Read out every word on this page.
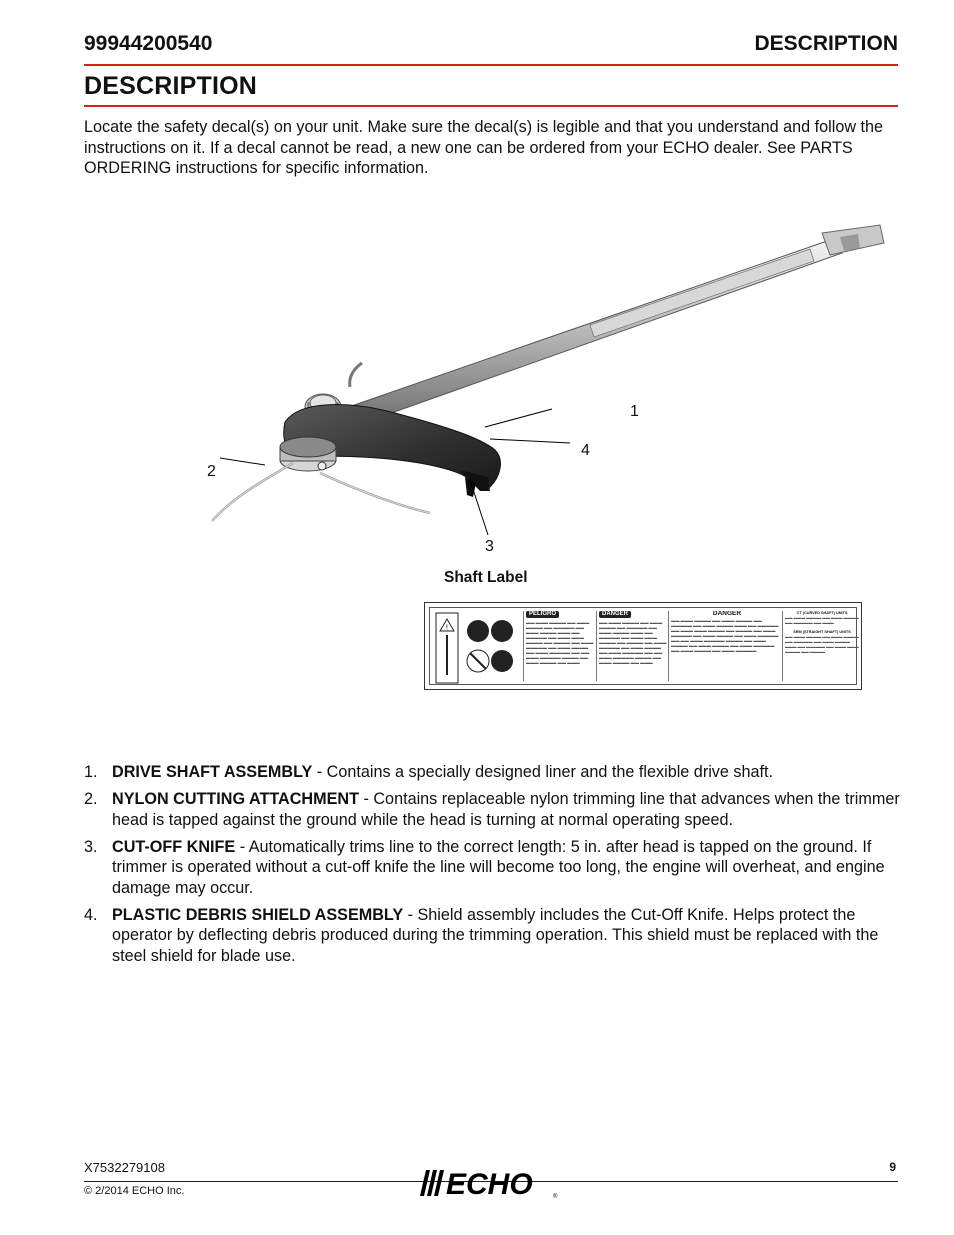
99944200540	DESCRIPTION
DESCRIPTION
Locate the safety decal(s) on your unit. Make sure the decal(s) is legible and that you understand and follow the instructions on it. If a decal cannot be read, a new one can be ordered from your ECHO dealer. See PARTS ORDERING instructions for specific information.
1
2
3
4
Shaft Label
!
PELIGRO
▬▬ ▬▬▬ ▬▬▬▬ ▬▬ ▬▬▬ ▬▬▬▬ ▬▬ ▬▬▬▬▬ ▬▬ ▬▬▬ ▬▬▬▬ ▬▬▬ ▬▬ ▬▬▬▬▬ ▬▬ ▬▬▬ ▬▬▬ ▬▬▬▬ ▬▬ ▬▬▬▬ ▬▬ ▬▬▬ ▬▬▬▬▬ ▬▬ ▬▬▬ ▬▬▬▬ ▬▬ ▬▬▬ ▬▬▬▬▬ ▬▬ ▬▬ ▬▬▬ ▬▬▬▬▬ ▬▬▬▬ ▬▬ ▬▬▬ ▬▬▬▬ ▬▬ ▬▬▬
DANGER
▬▬ ▬▬▬ ▬▬▬▬ ▬▬ ▬▬▬ ▬▬▬▬ ▬▬ ▬▬▬▬▬ ▬▬ ▬▬▬ ▬▬▬▬ ▬▬▬ ▬▬ ▬▬▬▬▬ ▬▬ ▬▬▬ ▬▬▬ ▬▬▬▬ ▬▬ ▬▬▬▬ ▬▬ ▬▬▬ ▬▬▬▬▬ ▬▬ ▬▬▬ ▬▬▬▬ ▬▬ ▬▬▬ ▬▬▬▬▬ ▬▬ ▬▬ ▬▬▬ ▬▬▬▬▬ ▬▬▬▬ ▬▬ ▬▬▬ ▬▬▬▬ ▬▬ ▬▬▬
DANGER
▬▬ ▬▬▬ ▬▬▬▬ ▬▬ ▬▬▬ ▬▬▬▬ ▬▬ ▬▬▬▬▬ ▬▬ ▬▬▬ ▬▬▬▬ ▬▬▬ ▬▬ ▬▬▬▬▬ ▬▬ ▬▬▬ ▬▬▬ ▬▬▬▬ ▬▬ ▬▬▬▬ ▬▬ ▬▬▬ ▬▬▬▬▬ ▬▬ ▬▬▬ ▬▬▬▬ ▬▬ ▬▬▬ ▬▬▬▬▬ ▬▬ ▬▬ ▬▬▬ ▬▬▬▬▬ ▬▬▬▬ ▬▬ ▬▬▬ ▬▬▬▬ ▬▬ ▬▬▬ ▬▬▬▬ ▬▬ ▬▬▬ ▬▬▬▬▬ ▬▬ ▬▬▬ ▬▬▬▬ ▬▬ ▬▬▬ ▬▬▬▬▬
CT (CURVED SHAFT) UNITS
▬▬ ▬▬▬ ▬▬▬▬ ▬▬ ▬▬▬ ▬▬▬▬ ▬▬ ▬▬▬▬▬ ▬▬ ▬▬▬
SRM (STRAIGHT SHAFT) UNITS
▬▬ ▬▬▬ ▬▬▬▬ ▬▬ ▬▬▬ ▬▬▬▬ ▬▬ ▬▬▬▬▬ ▬▬ ▬▬▬ ▬▬▬▬ ▬▬▬ ▬▬ ▬▬▬▬▬ ▬▬ ▬▬▬ ▬▬▬ ▬▬▬▬ ▬▬ ▬▬▬▬
1. DRIVE SHAFT ASSEMBLY - Contains a specially designed liner and the flexible drive shaft.
2. NYLON CUTTING ATTACHMENT - Contains replaceable nylon trimming line that advances when the trimmer head is tapped against the ground while the head is turning at normal operating speed.
3. CUT-OFF KNIFE - Automatically trims line to the correct length: 5 in. after head is tapped on the ground. If trimmer is operated without a cut-off knife the line will become too long, the engine will overheat, and engine damage may occur.
4. PLASTIC DEBRIS SHIELD ASSEMBLY - Shield assembly includes the Cut-Off Knife. Helps protect the operator by deflecting debris produced during the trimming operation. This shield must be replaced with the steel shield for blade use.
X7532279108	9
© 2/2014 ECHO Inc.	ECHO	®
